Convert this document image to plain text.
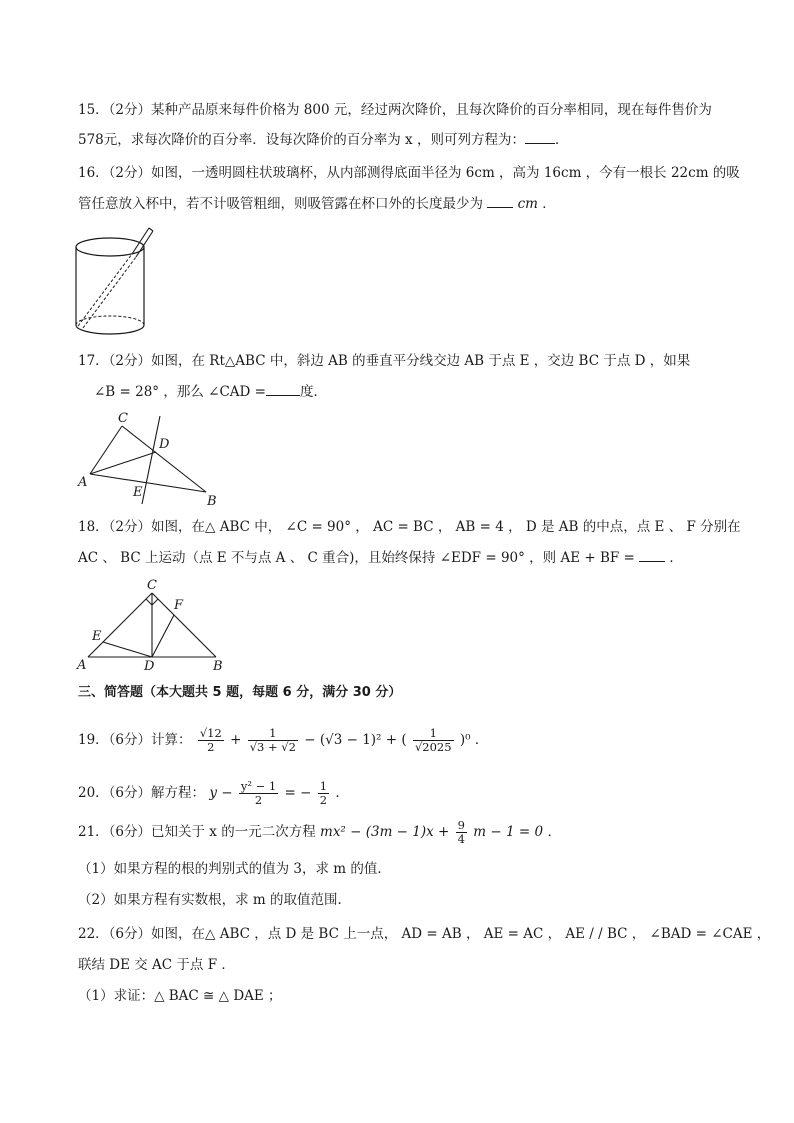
15．（2分）某种产品原来每件价格为 800 元，经过两次降价，且每次降价的百分率相同，现在每件售价为
578元，求每次降价的百分率．设每次降价的百分率为 x ，则可列方程为： ．
16．（2分）如图，一透明圆柱状玻璃杯，从内部测得底面半径为 6cm ，高为 16cm ，今有一根长 22cm 的吸
管任意放入杯中，若不计吸管粗细，则吸管露在杯口外的长度最少为	cm ．
17．（2分）如图，在 Rt△ABC 中，斜边 AB 的垂直平分线交边 AB 于点 E ，交边 BC 于点 D ，如果
∠B = 28° ，那么 ∠CAD =	度．
C
D
A
E
B
18．（2分）如图，在△ ABC 中， ∠C = 90° ， AC = BC ， AB = 4 ， D 是 AB 的中点，点 E 、 F 分别在
AC 、 BC 上运动（点 E 不与点 A 、 C 重合)，且始终保持 ∠EDF = 90° ，则 AE + BF =  ．
C
F
E
A	D	B
三、简答题（本大题共 5 题，每题 6 分，满分 30 分）
19．（6分）计算： $\frac{√12}{2} + \frac{1}{√3 + √2} - (√3 - 1)^2$ + ( $\frac{1}{√2025} )^0$ ．
20．（6分）解方程： $y - \frac{\text{y² − 1}}{2}$ = − $\frac{1}{2}$ ．
21．（6分）已知关于 x 的一元二次方程 $mx^2 - (3m - 1)x + \frac{9}{4}$ m − 1 = 0 ．
（1）如果方程的根的判别式的值为 3，求 m 的值．
（2）如果方程有实数根，求 m 的取值范围．
22．（6分）如图，在△ ABC ，点 D 是 BC 上一点， AD = AB ， AE = AC ， AE / / BC ， ∠BAD = ∠CAE ，
联结 DE 交 AC 于点 F ．
（1）求证：△ BAC ≅ △ DAE ；
